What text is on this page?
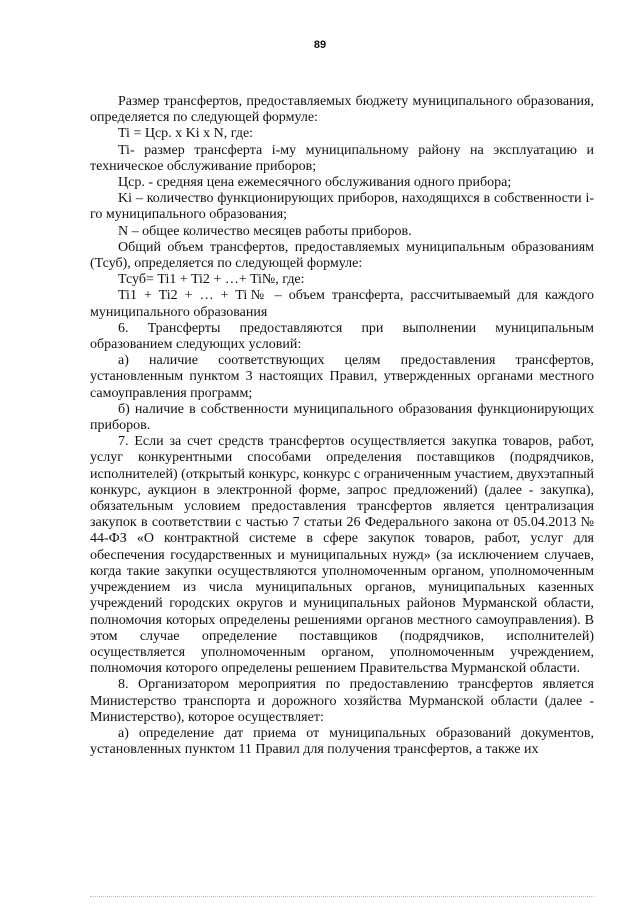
89

Размер трансфертов, предоставляемых бюджету муниципального образования, определяется по следующей формуле:

Ti = Цср. x Ki x N, где:

Ti- размер трансферта i-му муниципальному району на эксплуатацию и техническое обслуживание приборов;

Цср. - средняя цена ежемесячного обслуживания одного прибора;

Ki – количество функционирующих приборов, находящихся в собственности i-го муниципального образования;

N – общее количество месяцев работы приборов.

Общий объем трансфертов, предоставляемых муниципальным образованиям (Тсуб), определяется по следующей формуле:

Тсуб= Ti1 + Ti2 + …+ Ti№, где:

Ti1 + Ti2 + … + Ti№ – объем трансферта, рассчитываемый для каждого муниципального образования

6. Трансферты предоставляются при выполнении муниципальным образованием следующих условий:

а) наличие соответствующих целям предоставления трансфертов, установленным пунктом 3 настоящих Правил, утвержденных органами местного самоуправления программ;

б) наличие в собственности муниципального образования функционирующих приборов.

7. Если за счет средств трансфертов осуществляется закупка товаров, работ, услуг конкурентными способами определения поставщиков (подрядчиков, исполнителей) (открытый конкурс, конкурс с ограниченным участием, двухэтапный конкурс, аукцион в электронной форме, запрос предложений) (далее - закупка), обязательным условием предоставления трансфертов является централизация закупок в соответствии с частью 7 статьи 26 Федерального закона от 05.04.2013 № 44-ФЗ «О контрактной системе в сфере закупок товаров, работ, услуг для обеспечения государственных и муниципальных нужд» (за исключением случаев, когда такие закупки осуществляются уполномоченным органом, уполномоченным учреждением из числа муниципальных органов, муниципальных казенных учреждений городских округов и муниципальных районов Мурманской области, полномочия которых определены решениями органов местного самоуправления). В этом случае определение поставщиков (подрядчиков, исполнителей) осуществляется уполномоченным органом, уполномоченным учреждением, полномочия которого определены решением Правительства Мурманской области.

8. Организатором мероприятия по предоставлению трансфертов является Министерство транспорта и дорожного хозяйства Мурманской области (далее - Министерство), которое осуществляет:

а) определение дат приема от муниципальных образований документов, установленных пунктом 11 Правил для получения трансфертов, а также их
